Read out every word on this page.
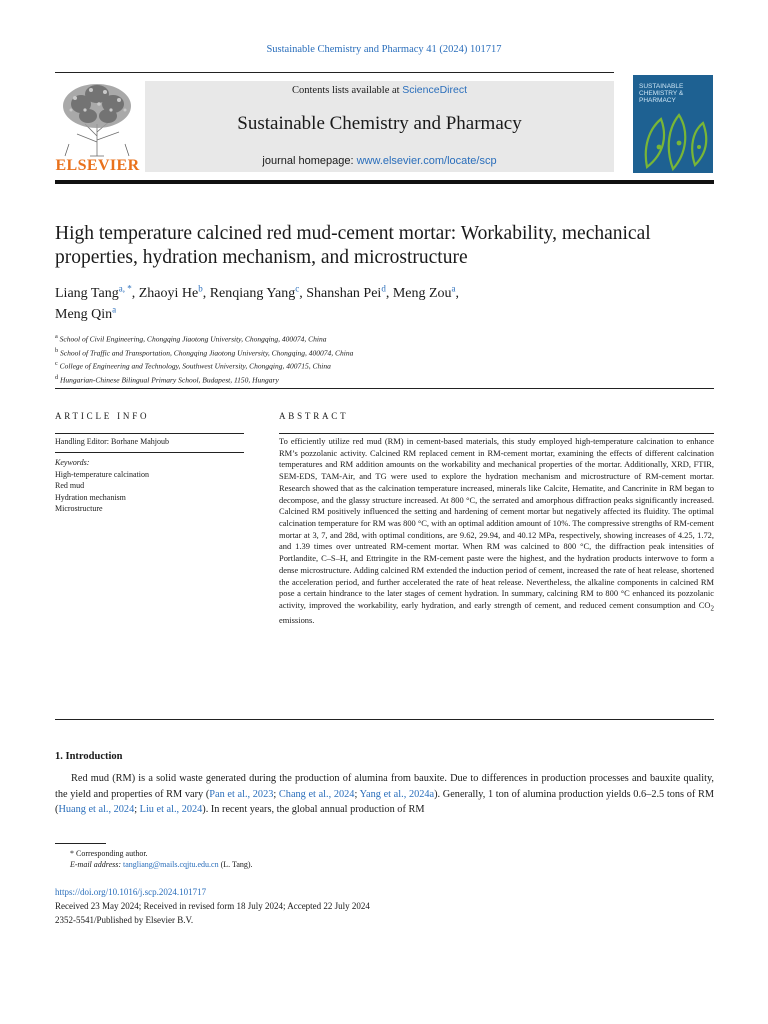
Sustainable Chemistry and Pharmacy 41 (2024) 101717
ELSEVIER
Contents lists available at ScienceDirect
Sustainable Chemistry and Pharmacy
journal homepage: www.elsevier.com/locate/scp
SUSTAINABLE CHEMISTRY & PHARMACY
High temperature calcined red mud-cement mortar: Workability, mechanical properties, hydration mechanism, and microstructure
Liang Tang$^{a, *}$, Zhaoyi He$^b$, Renqiang Yang$^c$, Shanshan Pei$^d$, Meng Zou$^a$,
Meng Qin$^a$
$^a$ School of Civil Engineering, Chongqing Jiaotong University, Chongqing, 400074, China
$^b$ School of Traffic and Transportation, Chongqing Jiaotong University, Chongqing, 400074, China
$^c$ College of Engineering and Technology, Southwest University, Chongqing, 400715, China
$^d$ Hungarian-Chinese Bilingual Primary School, Budapest, 1150, Hungary
ARTICLE INFO
Handling Editor: Borhane Mahjoub
Keywords:
High-temperature calcination
Red mud
Hydration mechanism
Microstructure
ABSTRACT
To efficiently utilize red mud (RM) in cement-based materials, this study employed high-temperature calcination to enhance RM’s pozzolanic activity. Calcined RM replaced cement in RM-cement mortar, examining the effects of different calcination temperatures and RM addition amounts on the workability and mechanical properties of the mortar. Additionally, XRD, FTIR, SEM-EDS, TAM-Air, and TG were used to explore the hydration mechanism and microstructure of RM-cement mortar. Research showed that as the calcination temperature increased, minerals like Calcite, Hematite, and Cancrinite in RM began to decompose, and the glassy structure increased. At 800 °C, the serrated and amorphous diffraction peaks significantly increased. Calcined RM positively influenced the setting and hardening of cement mortar but negatively affected its fluidity. The optimal calcination temperature for RM was 800 °C, with an optimal addition amount of 10%. The compressive strengths of RM-cement mortar at 3, 7, and 28d, with optimal conditions, are 9.62, 29.94, and 40.12 MPa, respectively, showing increases of 4.25, 1.72, and 1.39 times over untreated RM-cement mortar. When RM was calcined to 800 °C, the diffraction peak intensities of Portlandite, C–S–H, and Ettringite in the RM-cement paste were the highest, and the hydration products interwove to form a dense microstructure. Adding calcined RM extended the induction period of cement, increased the rate of heat release, shortened the acceleration period, and further accelerated the rate of heat release. Nevertheless, the alkaline components in calcined RM pose a certain hindrance to the later stages of cement hydration. In summary, calcining RM to 800 °C enhanced its pozzolanic activity, improved the workability, early hydration, and early strength of cement, and reduced cement consumption and $CO_2$ emissions.
1. Introduction
Red mud (RM) is a solid waste generated during the production of alumina from bauxite. Due to differences in production processes and bauxite quality, the yield and properties of RM vary (Pan et al., 2023; Chang et al., 2024; Yang et al., 2024a). Generally, 1 ton of alumina production yields 0.6–2.5 tons of RM (Huang et al., 2024; Liu et al., 2024). In recent years, the global annual production of RM
* Corresponding author.
E-mail address: tangliang@mails.cqjtu.edu.cn (L. Tang).
https://doi.org/10.1016/j.scp.2024.101717
Received 23 May 2024; Received in revised form 18 July 2024; Accepted 22 July 2024
2352-5541/Published by Elsevier B.V.
